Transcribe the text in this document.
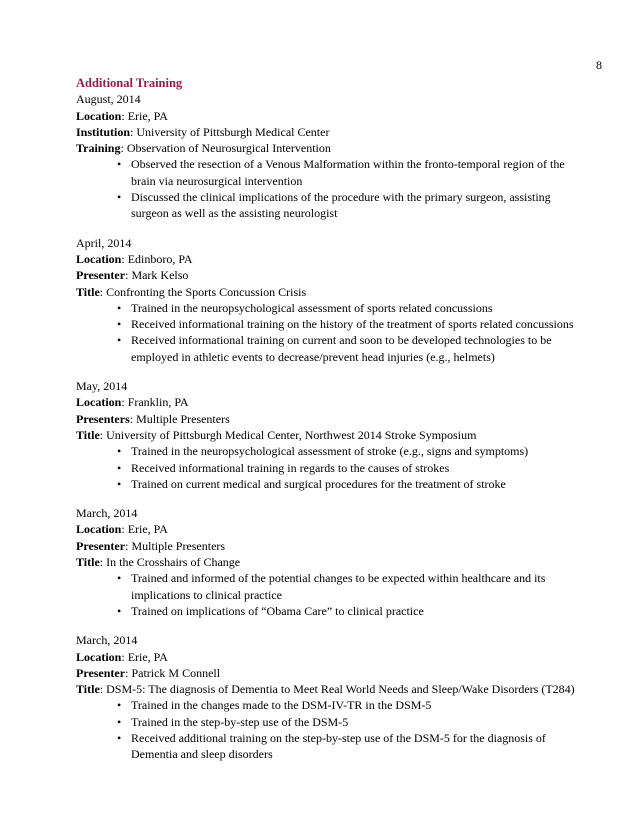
8
Additional Training
August, 2014
Location: Erie, PA
Institution: University of Pittsburgh Medical Center
Training: Observation of Neurosurgical Intervention
• Observed the resection of a Venous Malformation within the fronto-temporal region of the brain via neurosurgical intervention
• Discussed the clinical implications of the procedure with the primary surgeon, assisting surgeon as well as the assisting neurologist
April, 2014
Location: Edinboro, PA
Presenter: Mark Kelso
Title: Confronting the Sports Concussion Crisis
• Trained in the neuropsychological assessment of sports related concussions
• Received informational training on the history of the treatment of sports related concussions
• Received informational training on current and soon to be developed technologies to be employed in athletic events to decrease/prevent head injuries (e.g., helmets)
May, 2014
Location: Franklin, PA
Presenters: Multiple Presenters
Title: University of Pittsburgh Medical Center, Northwest 2014 Stroke Symposium
• Trained in the neuropsychological assessment of stroke (e.g., signs and symptoms)
• Received informational training in regards to the causes of strokes
• Trained on current medical and surgical procedures for the treatment of stroke
March, 2014
Location: Erie, PA
Presenter: Multiple Presenters
Title: In the Crosshairs of Change
• Trained and informed of the potential changes to be expected within healthcare and its implications to clinical practice
• Trained on implications of “Obama Care” to clinical practice
March, 2014
Location: Erie, PA
Presenter: Patrick M Connell
Title: DSM-5: The diagnosis of Dementia to Meet Real World Needs and Sleep/Wake Disorders (T284)
• Trained in the changes made to the DSM-IV-TR in the DSM-5
• Trained in the step-by-step use of the DSM-5
• Received additional training on the step-by-step use of the DSM-5 for the diagnosis of Dementia and sleep disorders
